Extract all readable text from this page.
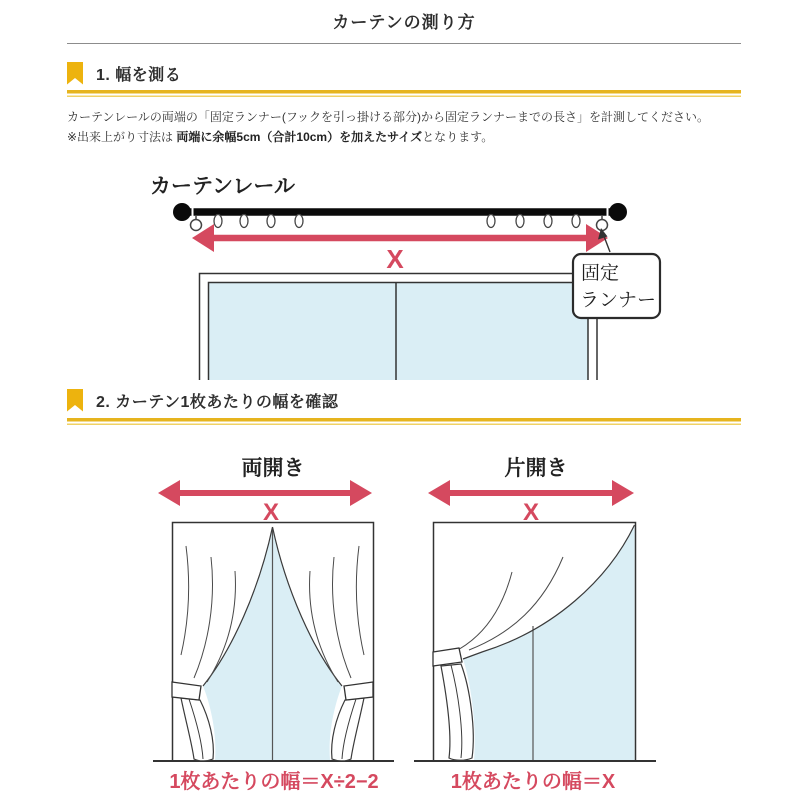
カーテンの測り方
1. 幅を測る
カーテンレールの両端の「固定ランナー(フックを引っ掛ける部分)から固定ランナーまでの長さ」を計測してください。
※出来上がり寸法は 両端に余幅5cm（合計10cm）を加えたサイズとなります。
カーテンレール
X	固定
ランナー
2. カーテン1枚あたりの幅を確認
両開き
X
1枚あたりの幅＝X÷2−2
片開き
X
1枚あたりの幅＝X
